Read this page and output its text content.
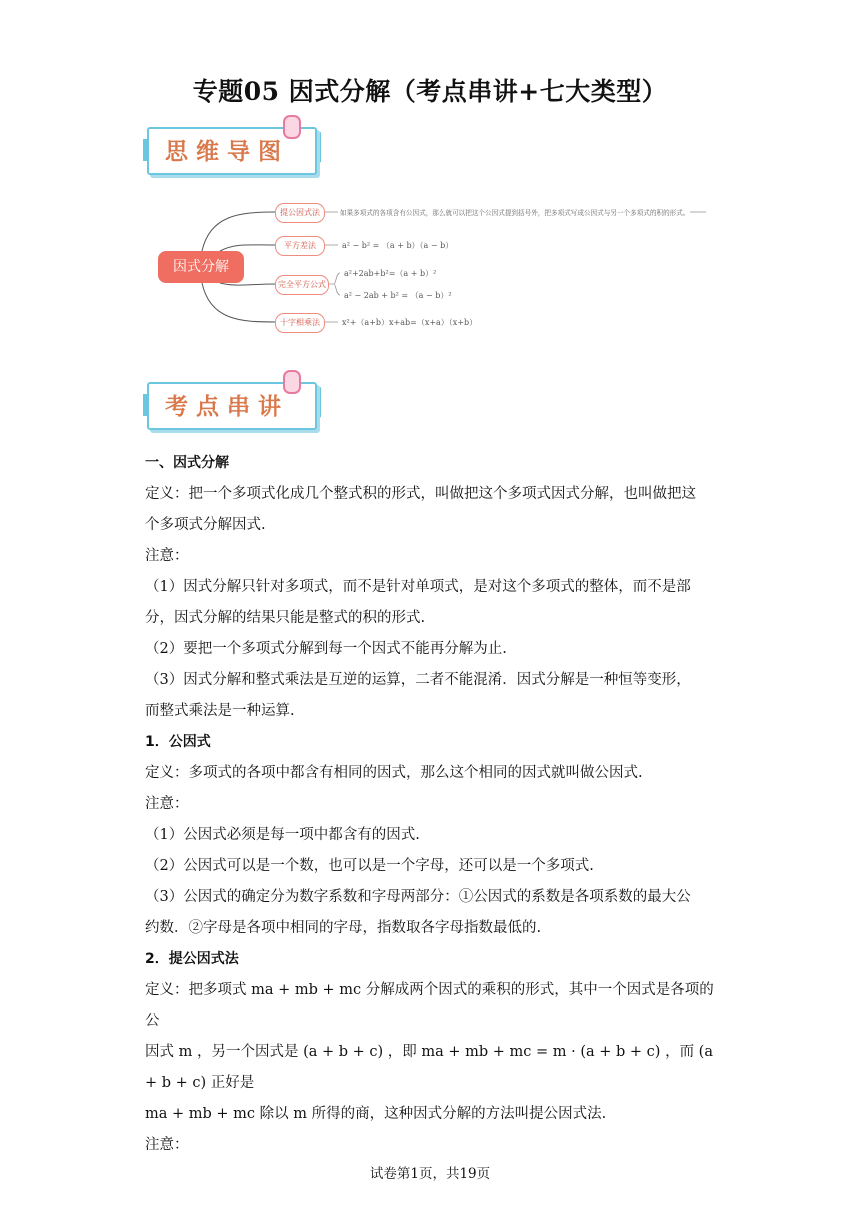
专题05 因式分解（考点串讲+七大类型）
思维导图
因式分解
提公因式法	如果多项式的各项含有公因式，那么就可以把这个公因式提到括号外，把多项式写成公因式与另一个多项式的积的形式。
平方差法	a² − b² = （a + b）（a − b）
完全平方公式
a²+2ab+b²=（a + b）²
a² − 2ab + b² = （a − b）²
十字相乘法	x²+（a+b）x+ab=（x+a）（x+b）
考点串讲
一、因式分解
定义：把一个多项式化成几个整式积的形式，叫做把这个多项式因式分解，也叫做把这
个多项式分解因式.
注意：
（1）因式分解只针对多项式，而不是针对单项式，是对这个多项式的整体，而不是部
分，因式分解的结果只能是整式的积的形式.
（2）要把一个多项式分解到每一个因式不能再分解为止.
（3）因式分解和整式乘法是互逆的运算，二者不能混淆．因式分解是一种恒等变形，
而整式乘法是一种运算.
1．公因式
定义：多项式的各项中都含有相同的因式，那么这个相同的因式就叫做公因式.
注意：
（1）公因式必须是每一项中都含有的因式.
（2）公因式可以是一个数，也可以是一个字母，还可以是一个多项式.
（3）公因式的确定分为数字系数和字母两部分：①公因式的系数是各项系数的最大公
约数．②字母是各项中相同的字母，指数取各字母指数最低的.
2．提公因式法
定义：把多项式 ma + mb + mc 分解成两个因式的乘积的形式，其中一个因式是各项的公
因式 m ，另一个因式是 (a + b + c) ，即 ma + mb + mc = m · (a + b + c) ，而 (a + b + c) 正好是
ma + mb + mc 除以 m 所得的商，这种因式分解的方法叫提公因式法.
注意：
试卷第1页，共19页
